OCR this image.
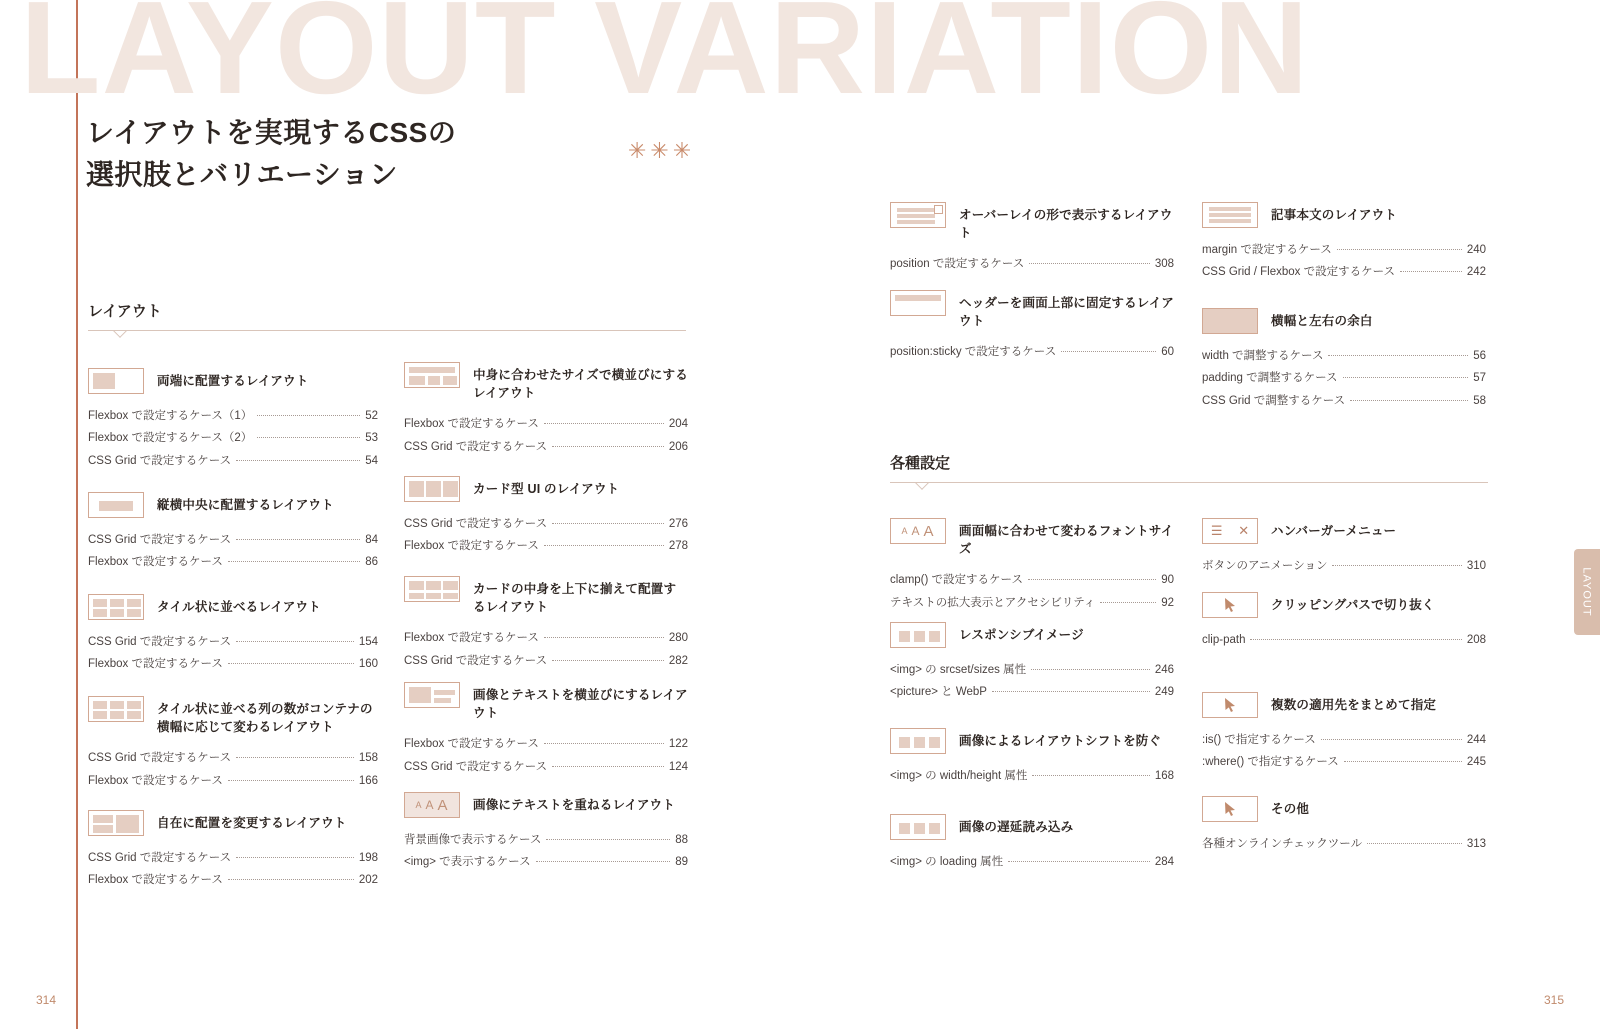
LAYOUT VARIATION
レイアウトを実現するCSSの
選択肢とバリエーション
✳✳✳
レイアウト
両端に配置するレイアウト
Flexbox で設定するケース（1）	52
Flexbox で設定するケース（2）	53
CSS Grid で設定するケース	54
縦横中央に配置するレイアウト
CSS Grid で設定するケース	84
Flexbox で設定するケース	86
タイル状に並べるレイアウト
CSS Grid で設定するケース	154
Flexbox で設定するケース	160
タイル状に並べる列の数がコンテナの横幅に応じて変わるレイアウト
CSS Grid で設定するケース	158
Flexbox で設定するケース	166
自在に配置を変更するレイアウト
CSS Grid で設定するケース	198
Flexbox で設定するケース	202
中身に合わせたサイズで横並びにするレイアウト
Flexbox で設定するケース	204
CSS Grid で設定するケース	206
カード型 UI のレイアウト
CSS Grid で設定するケース	276
Flexbox で設定するケース	278
カードの中身を上下に揃えて配置するレイアウト
Flexbox で設定するケース	280
CSS Grid で設定するケース	282
画像とテキストを横並びにするレイアウト
Flexbox で設定するケース	122
CSS Grid で設定するケース	124
A A A 画像にテキストを重ねるレイアウト
背景画像で表示するケース	88
<img> で表示するケース	89
オーバーレイの形で表示するレイアウト
position で設定するケース	308
ヘッダーを画面上部に固定するレイアウト
position:sticky で設定するケース	60
記事本文のレイアウト
margin で設定するケース	240
CSS Grid / Flexbox で設定するケース	242
横幅と左右の余白
width で調整するケース	56
padding で調整するケース	57
CSS Grid で調整するケース	58
各種設定
A A A 画面幅に合わせて変わるフォントサイズ
clamp() で設定するケース	90
テキストの拡大表示とアクセシビリティ	92
レスポンシブイメージ
<img> の srcset/sizes 属性	246
<picture> と WebP	249
画像によるレイアウトシフトを防ぐ
<img> の width/height 属性	168
画像の遅延読み込み
<img> の loading 属性	284
☰ ✕ ハンバーガーメニュー
ボタンのアニメーション	310
クリッピングパスで切り抜く
clip-path	208
複数の適用先をまとめて指定
:is() で指定するケース	244
:where() で指定するケース	245
その他
各種オンラインチェックツール	313
LAYOUT
314	315
